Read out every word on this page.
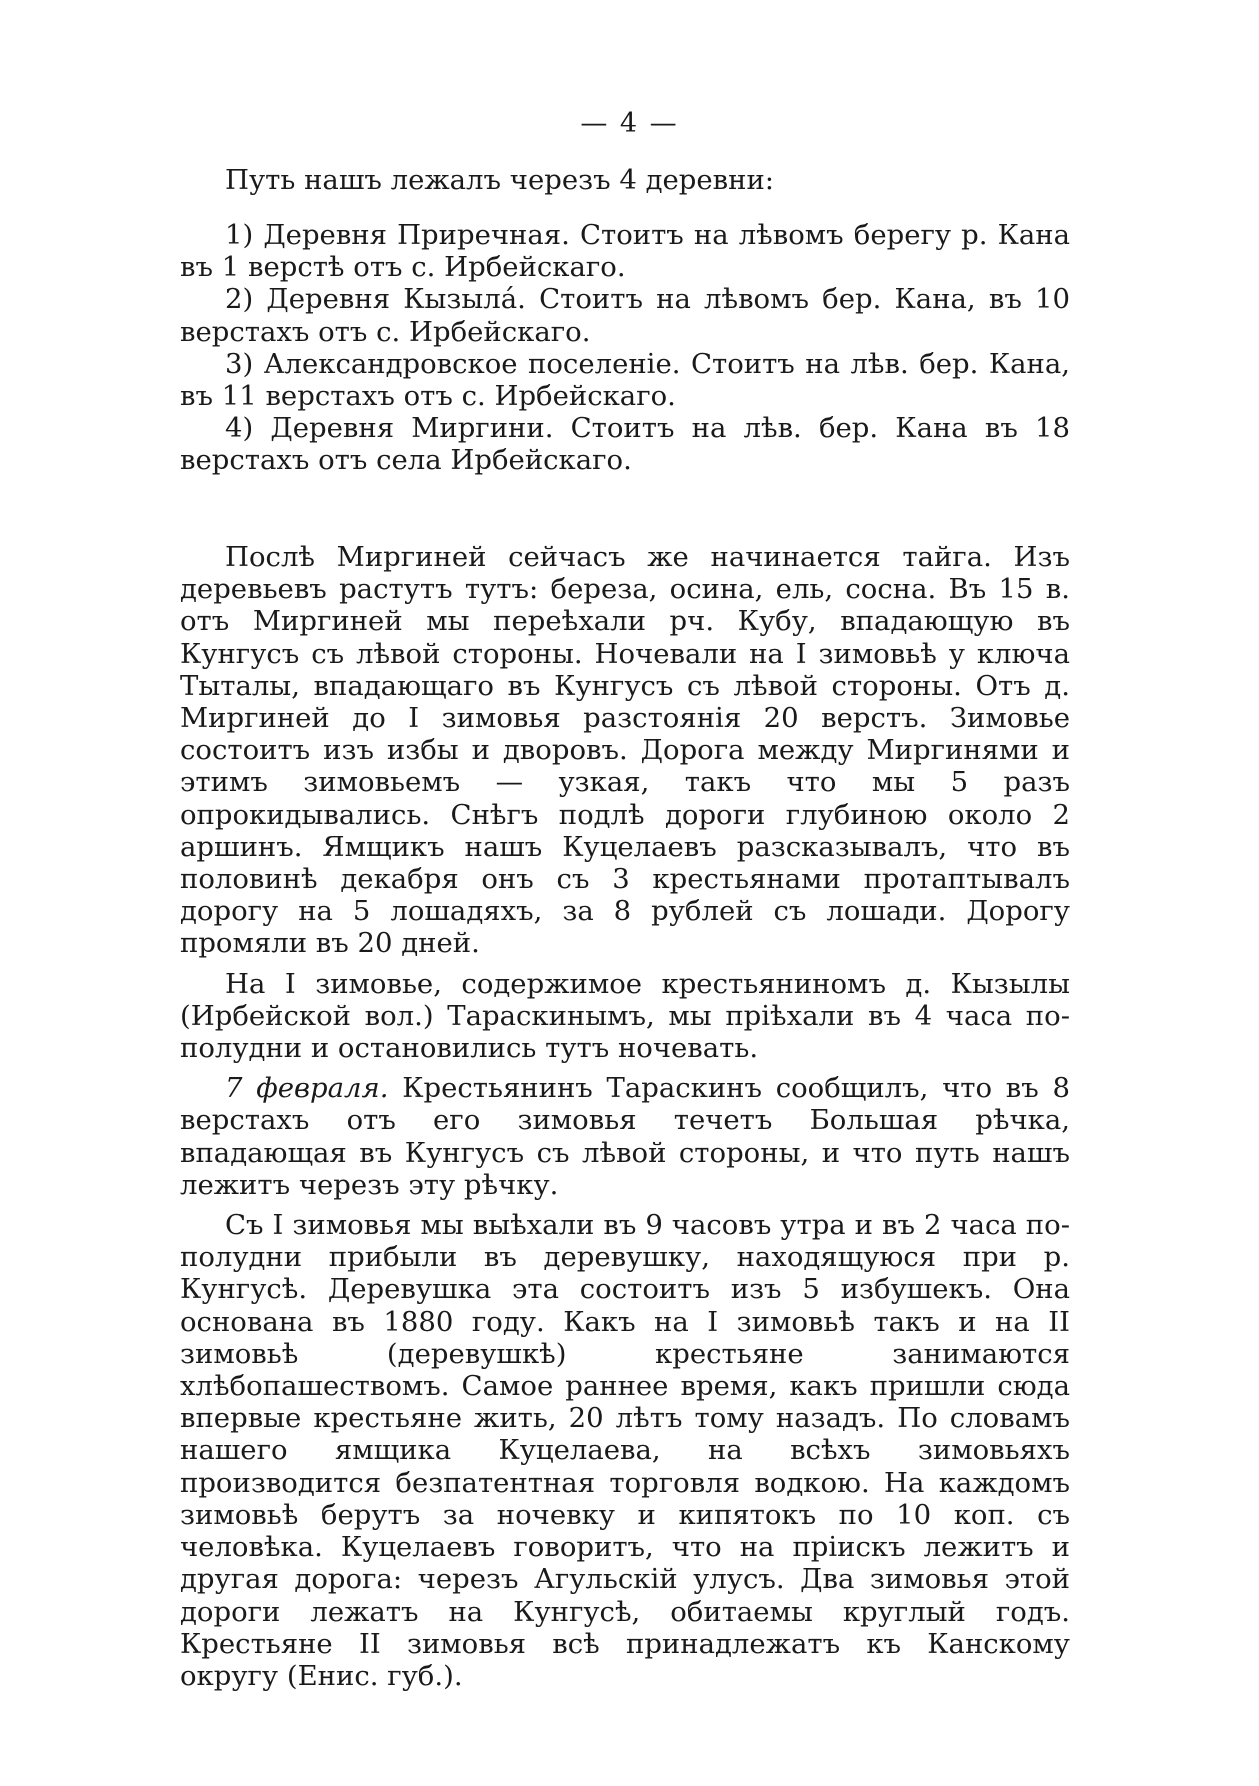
— 4 —

Путь нашъ лежалъ черезъ 4 деревни:

1) Деревня Приречная. Стоитъ на лѣвомъ берегу р. Кана въ 1 верстѣ отъ с. Ирбейскаго.

2) Деревня Кызыла́. Стоитъ на лѣвомъ бер. Кана, въ 10 верстахъ отъ с. Ирбейскаго.

3) Александровское поселеніе. Стоитъ на лѣв. бер. Кана, въ 11 верстахъ отъ с. Ирбейскаго.

4) Деревня Миргини. Стоитъ на лѣв. бер. Кана въ 18 верстахъ отъ села Ирбейскаго.

Послѣ Миргиней сейчасъ же начинается тайга. Изъ деревьевъ растутъ тутъ: береза, осина, ель, сосна. Въ 15 в. отъ Миргиней мы переѣхали рч. Кубу, впадающую въ Кунгусъ съ лѣвой стороны. Ночевали на I зимовьѣ у ключа Тыталы, впадающаго въ Кунгусъ съ лѣвой стороны. Отъ д. Миргиней до I зимовья разстоянія 20 верстъ. Зимовье состоитъ изъ избы и дворовъ. Дорога между Миргинями и этимъ зимовьемъ — узкая, такъ что мы 5 разъ опрокидывались. Снѣгъ подлѣ дороги глубиною около 2 аршинъ. Ямщикъ нашъ Куцелаевъ разсказывалъ, что въ половинѣ декабря онъ съ 3 крестьянами протаптывалъ дорогу на 5 лошадяхъ, за 8 рублей съ лошади. Дорогу промяли въ 20 дней.

На I зимовье, содержимое крестьяниномъ д. Кызылы (Ирбейской вол.) Тараскинымъ, мы пріѣхали въ 4 часа по-полудни и остановились тутъ ночевать.

7 февраля. Крестьянинъ Тараскинъ сообщилъ, что въ 8 верстахъ отъ его зимовья течетъ Большая рѣчка, впадающая въ Кунгусъ съ лѣвой стороны, и что путь нашъ лежитъ черезъ эту рѣчку.

Съ I зимовья мы выѣхали въ 9 часовъ утра и въ 2 часа по-полудни прибыли въ деревушку, находящуюся при р. Кунгусѣ. Деревушка эта состоитъ изъ 5 избушекъ. Она основана въ 1880 году. Какъ на I зимовьѣ такъ и на II зимовьѣ (деревушкѣ) крестьяне занимаются хлѣбопашествомъ. Самое раннее время, какъ пришли сюда впервые крестьяне жить, 20 лѣтъ тому назадъ. По словамъ нашего ямщика Куцелаева, на всѣхъ зимовьяхъ производится безпатентная торговля водкою. На каждомъ зимовьѣ берутъ за ночевку и кипятокъ по 10 коп. съ человѣка. Куцелаевъ говоритъ, что на пріискъ лежитъ и другая дорога: черезъ Агульскій улусъ. Два зимовья этой дороги лежатъ на Кунгусѣ, обитаемы круглый годъ. Крестьяне II зимовья всѣ принадлежатъ къ Канскому округу (Енис. губ.).
